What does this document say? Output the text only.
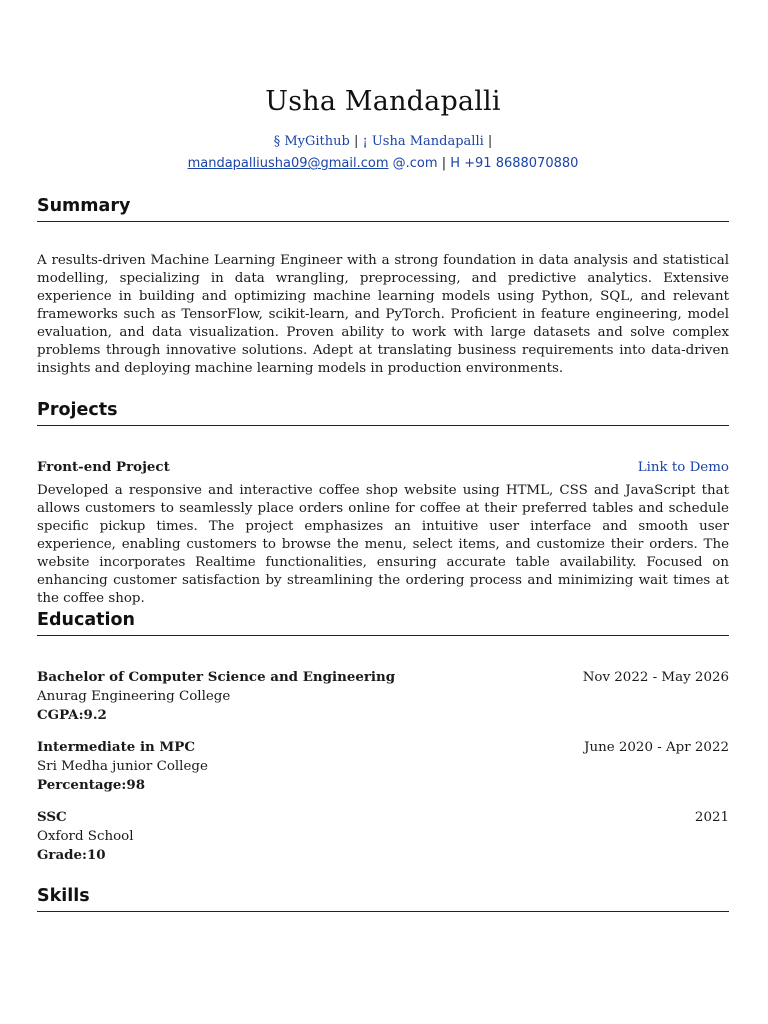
Usha Mandapalli
§ MyGithub | ¡ Usha Mandapalli |
mandapalliusha09@gmail.com @.com | H +91 8688070880
Summary
A results-driven Machine Learning Engineer with a strong foundation in data analysis and statistical modelling, specializing in data wrangling, preprocessing, and predictive analytics. Extensive experience in building and optimizing machine learning models using Python, SQL, and relevant frameworks such as TensorFlow, scikit-learn, and PyTorch. Proficient in feature engineering, model evaluation, and data visualization. Proven ability to work with large datasets and solve complex problems through innovative solutions. Adept at translating business requirements into data-driven insights and deploying machine learning models in production environments.
Projects
Front-end Project	Link to Demo
Developed a responsive and interactive coffee shop website using HTML, CSS and JavaScript that allows customers to seamlessly place orders online for coffee at their preferred tables and schedule specific pickup times. The project emphasizes an intuitive user interface and smooth user experience, enabling customers to browse the menu, select items, and customize their orders. The website incorporates Realtime functionalities, ensuring accurate table availability. Focused on enhancing customer satisfaction by streamlining the ordering process and minimizing wait times at the coffee shop.
Education
Bachelor of Computer Science and Engineering	Nov 2022 - May 2026
Anurag Engineering College
CGPA:9.2
Intermediate in MPC	June 2020 - Apr 2022
Sri Medha junior College
Percentage:98
SSC	2021
Oxford School
Grade:10
Skills
